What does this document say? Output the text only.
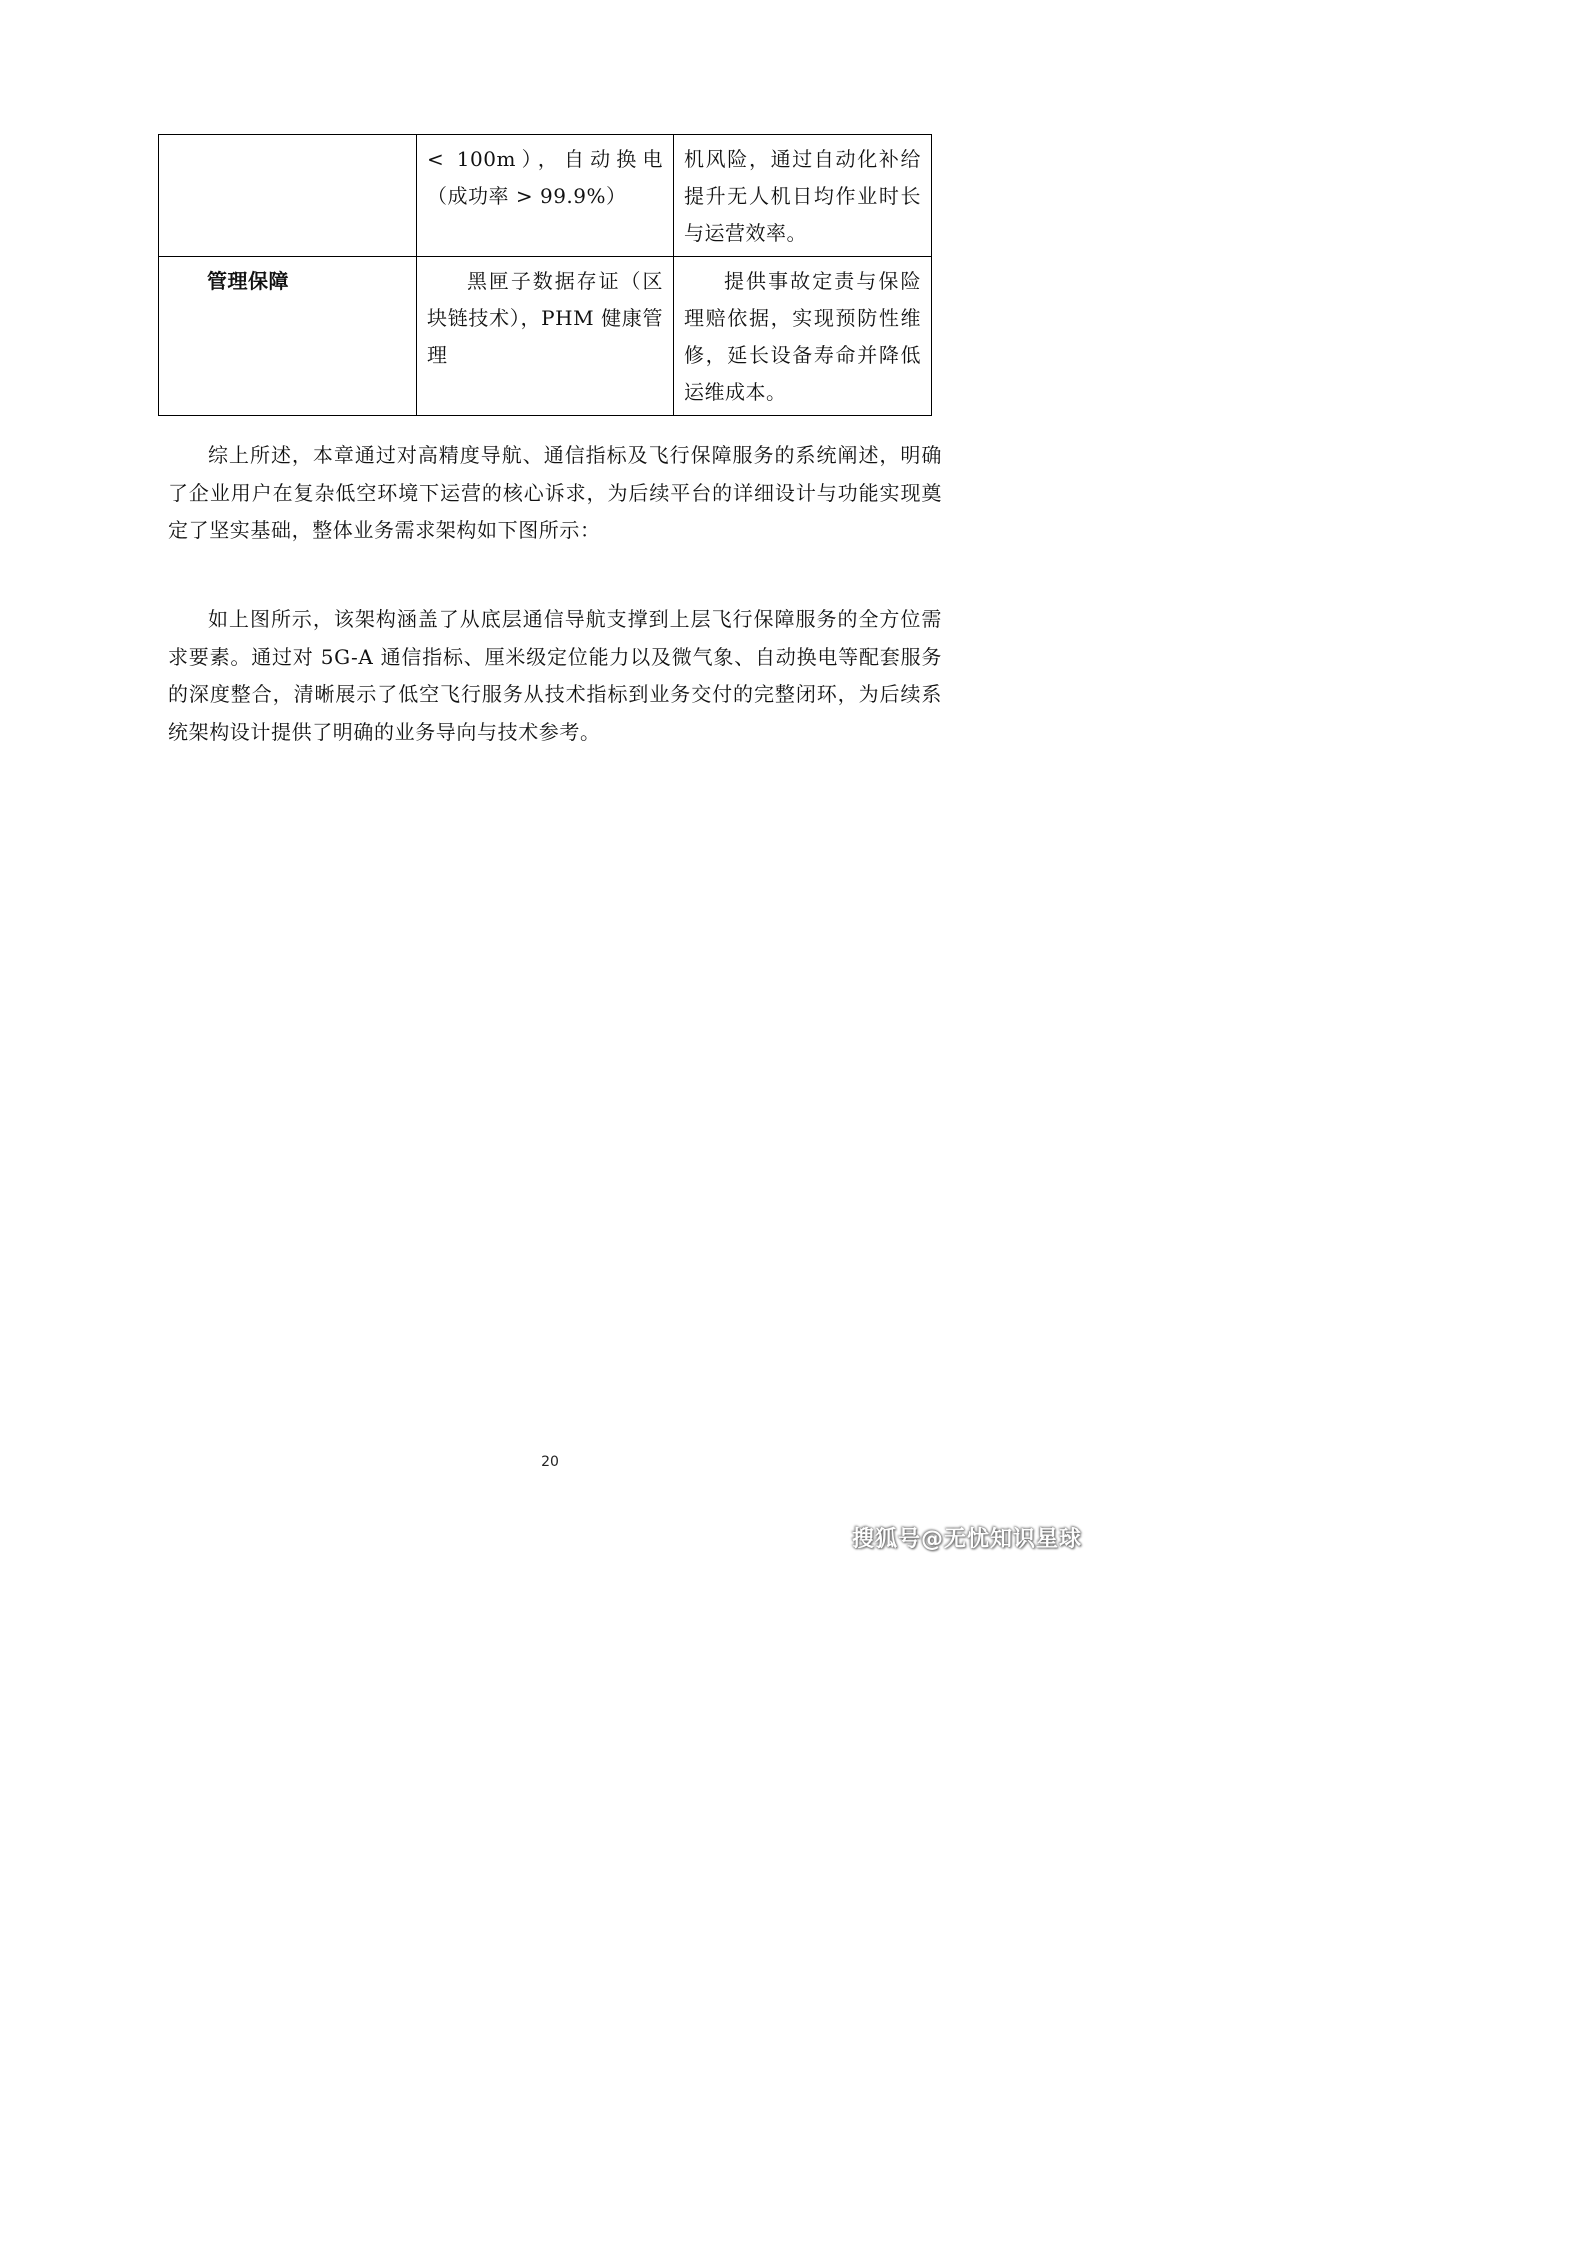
	< 100m），自动换电（成功率 > 99.9%）	机风险，通过自动化补给提升无人机日均作业时长与运营效率。
管理保障	黑匣子数据存证（区块链技术），PHM 健康管理	提供事故定责与保险理赔依据，实现预防性维修，延长设备寿命并降低运维成本。

综上所述，本章通过对高精度导航、通信指标及飞行保障服务的系统阐述，明确了企业用户在复杂低空环境下运营的核心诉求，为后续平台的详细设计与功能实现奠定了坚实基础，整体业务需求架构如下图所示：

如上图所示，该架构涵盖了从底层通信导航支撑到上层飞行保障服务的全方位需求要素。通过对 5G-A 通信指标、厘米级定位能力以及微气象、自动换电等配套服务的深度整合，清晰展示了低空飞行服务从技术指标到业务交付的完整闭环，为后续系统架构设计提供了明确的业务导向与技术参考。

20
搜狐号@无忧知识星球
